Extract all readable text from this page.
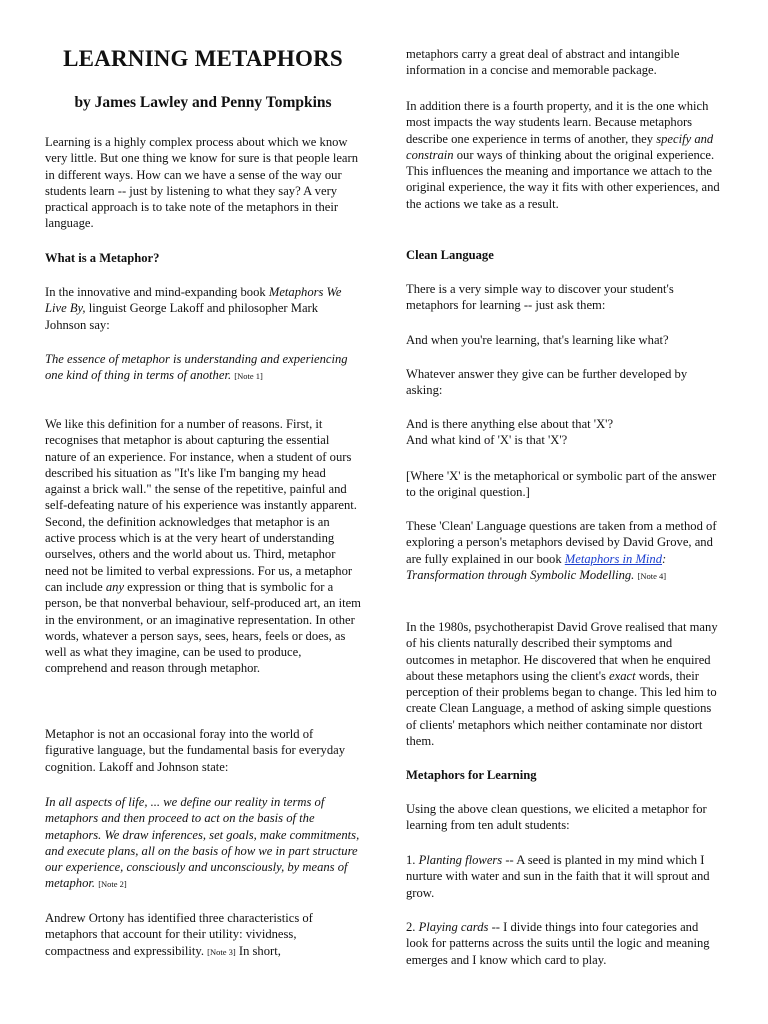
LEARNING METAPHORS
by James Lawley and Penny Tompkins

Learning is a highly complex process about which we know very little. But one thing we know for sure is that people learn in different ways. How can we have a sense of the way our students learn -- just by listening to what they say? A very practical approach is to take note of the metaphors in their language.

What is a Metaphor?

In the innovative and mind-expanding book Metaphors We Live By, linguist George Lakoff and philosopher Mark Johnson say:

The essence of metaphor is understanding and experiencing one kind of thing in terms of another. [Note 1]

We like this definition for a number of reasons. First, it recognises that metaphor is about capturing the essential nature of an experience. For instance, when a student of ours described his situation as "It's like I'm banging my head against a brick wall." the sense of the repetitive, painful and self-defeating nature of his experience was instantly apparent. Second, the definition acknowledges that metaphor is an active process which is at the very heart of understanding ourselves, others and the world about us. Third, metaphor need not be limited to verbal expressions. For us, a metaphor can include any expression or thing that is symbolic for a person, be that nonverbal behaviour, self-produced art, an item in the environment, or an imaginative representation. In other words, whatever a person says, sees, hears, feels or does, as well as what they imagine, can be used to produce, comprehend and reason through metaphor.

Metaphor is not an occasional foray into the world of figurative language, but the fundamental basis for everyday cognition. Lakoff and Johnson state:

In all aspects of life, ... we define our reality in terms of metaphors and then proceed to act on the basis of the metaphors. We draw inferences, set goals, make commitments, and execute plans, all on the basis of how we in part structure our experience, consciously and unconsciously, by means of metaphor. [Note 2]

Andrew Ortony has identified three characteristics of metaphors that account for their utility: vividness, compactness and expressibility. [Note 3] In short,

metaphors carry a great deal of abstract and intangible information in a concise and memorable package.

In addition there is a fourth property, and it is the one which most impacts the way students learn. Because metaphors describe one experience in terms of another, they specify and constrain our ways of thinking about the original experience. This influences the meaning and importance we attach to the original experience, the way it fits with other experiences, and the actions we take as a result.

Clean Language

There is a very simple way to discover your student's metaphors for learning -- just ask them:

And when you're learning, that's learning like what?

Whatever answer they give can be further developed by asking:

And is there anything else about that 'X'?

And what kind of 'X' is that 'X'?

[Where 'X' is the metaphorical or symbolic part of the answer to the original question.]

These 'Clean' Language questions are taken from a method of exploring a person's metaphors devised by David Grove, and are fully explained in our book Metaphors in Mind: Transformation through Symbolic Modelling. [Note 4]

In the 1980s, psychotherapist David Grove realised that many of his clients naturally described their symptoms and outcomes in metaphor. He discovered that when he enquired about these metaphors using the client's exact words, their perception of their problems began to change. This led him to create Clean Language, a method of asking simple questions of clients' metaphors which neither contaminate nor distort them.

Metaphors for Learning

Using the above clean questions, we elicited a metaphor for learning from ten adult students:

1. Planting flowers -- A seed is planted in my mind which I nurture with water and sun in the faith that it will sprout and grow.

2. Playing cards -- I divide things into four categories and look for patterns across the suits until the logic and meaning emerges and I know which card to play.
